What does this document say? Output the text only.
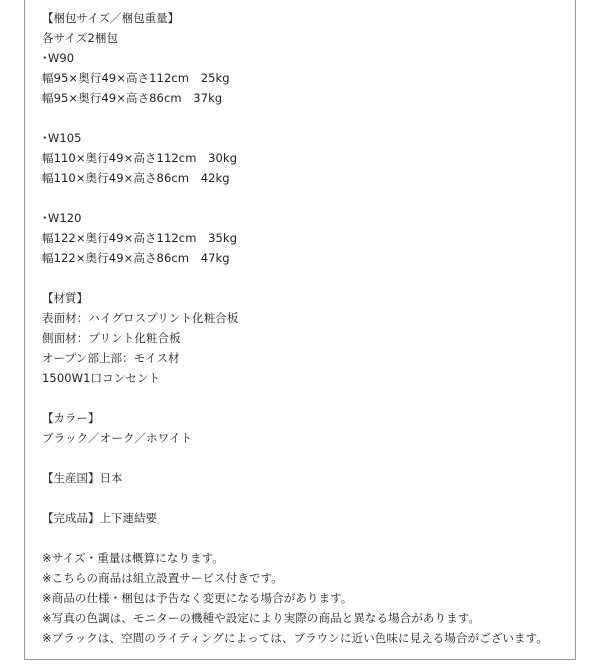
【梱包サイズ／梱包重量】
各サイズ2梱包
･W90
幅95×奥行49×高さ112cm　25kg
幅95×奥行49×高さ86cm　37kg
･W105
幅110×奥行49×高さ112cm　30kg
幅110×奥行49×高さ86cm　42kg
･W120
幅122×奥行49×高さ112cm　35kg
幅122×奥行49×高さ86cm　47kg
【材質】
表面材：ハイグロスプリント化粧合板
側面材：プリント化粧合板
オープン部上部：モイス材
1500W1口コンセント
【カラー】
ブラック／オーク／ホワイト
【生産国】日本
【完成品】上下連結要
※サイズ・重量は概算になります。
※こちらの商品は組立設置サービス付きです。
※商品の仕様・梱包は予告なく変更になる場合があります。
※写真の色調は、モニターの機種や設定により実際の商品と異なる場合があります。
※ブラックは、空間のライティングによっては、ブラウンに近い色味に見える場合がございます。
